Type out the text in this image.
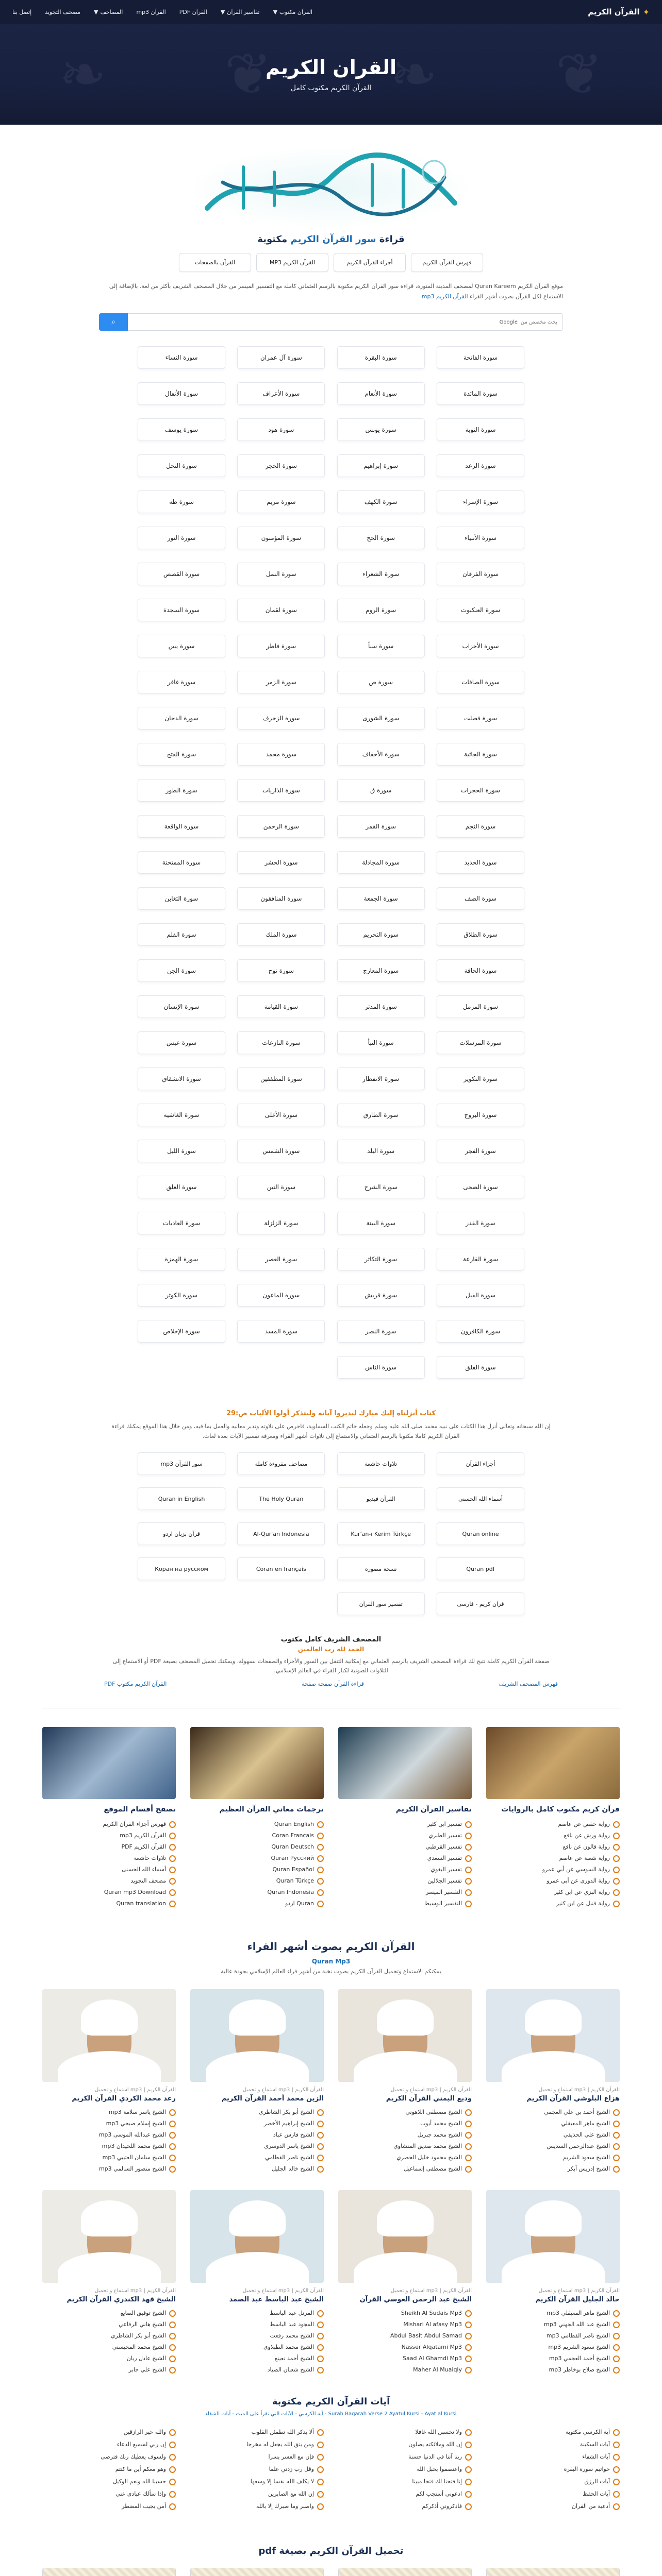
✦
القرآن الكريم
القرآن مكتوب
▼
تفاسير القرآن
▼
القرآن PDF
القرآن mp3
المصاحف
▼
مصحف التجويد
إتصل بنا
❦
❧
❦
❧	القران الكريم

القرآن الكريم مكتوب كامل

قراءة سور القرآن الكريم مكتوبة
فهرس القرآن الكريم
أجزاء القرآن الكريم
القرآن الكريم MP3
القرآن بالصفحات
موقع القرآن الكريم Quran Kareem لمصحف المدينة المنورة، قراءة سور القرآن الكريم مكتوبة بالرسم العثماني كاملة مع التفسير الميسر من خلال المصحف الشريف بأكثر من لغة، بالإضافة إلى الاستماع لكل القرآن بصوت أشهر القراء القرآن الكريم mp3
⌕	Google بحث مخصص من
سورة الفاتحة
سورة البقرة
سورة آل عمران
سورة النساء
سورة المائدة
سورة الأنعام
سورة الأعراف
سورة الأنفال
سورة التوبة
سورة يونس
سورة هود
سورة يوسف
سورة الرعد
سورة إبراهيم
سورة الحجر
سورة النحل
سورة الإسراء
سورة الكهف
سورة مريم
سورة طه
سورة الأنبياء
سورة الحج
سورة المؤمنون
سورة النور
سورة الفرقان
سورة الشعراء
سورة النمل
سورة القصص
سورة العنكبوت
سورة الروم
سورة لقمان
سورة السجدة
سورة الأحزاب
سورة سبأ
سورة فاطر
سورة يس
سورة الصافات
سورة ص
سورة الزمر
سورة غافر
سورة فصلت
سورة الشورى
سورة الزخرف
سورة الدخان
سورة الجاثية
سورة الأحقاف
سورة محمد
سورة الفتح
سورة الحجرات
سورة ق
سورة الذاريات
سورة الطور
سورة النجم
سورة القمر
سورة الرحمن
سورة الواقعة
سورة الحديد
سورة المجادلة
سورة الحشر
سورة الممتحنة
سورة الصف
سورة الجمعة
سورة المنافقون
سورة التغابن
سورة الطلاق
سورة التحريم
سورة الملك
سورة القلم
سورة الحاقة
سورة المعارج
سورة نوح
سورة الجن
سورة المزمل
سورة المدثر
سورة القيامة
سورة الإنسان
سورة المرسلات
سورة النبأ
سورة النازعات
سورة عبس
سورة التكوير
سورة الانفطار
سورة المطففين
سورة الانشقاق
سورة البروج
سورة الطارق
سورة الأعلى
سورة الغاشية
سورة الفجر
سورة البلد
سورة الشمس
سورة الليل
سورة الضحى
سورة الشرح
سورة التين
سورة العلق
سورة القدر
سورة البينة
سورة الزلزلة
سورة العاديات
سورة القارعة
سورة التكاثر
سورة العصر
سورة الهمزة
سورة الفيل
سورة قريش
سورة الماعون
سورة الكوثر
سورة الكافرون
سورة النصر
سورة المسد
سورة الإخلاص
سورة الفلق
سورة الناس
كتاب أنزلناه إليك مبارك ليدبروا آياته وليتذكر أولوا الألباب ص:29

إن الله سبحانه وتعالى أنزل هذا الكتاب على نبيه محمد صلى الله عليه وسلم وجعله خاتم الكتب السماوية، فاحرص على تلاوته وتدبر معانيه والعمل بما فيه، ومن خلال هذا الموقع يمكنك قراءة القرآن الكريم كاملا مكتوبا بالرسم العثماني والاستماع إلى تلاوات أشهر القراء ومعرفة تفسير الآيات بعدة لغات.

أجزاء القرآن
تلاوات خاشعة
مصاحف مقروءة كاملة
سور القرآن mp3
أسماء الله الحسنى
القرآن فيديو
The Holy Quran
Quran in English
Quran online
Kur'an-ı Kerim Türkçe
Al-Qur'an Indonesia
قرآن بزبان اردو
Quran pdf
نسخة مصورة
Coran en français
Коран на русском
قرآن كريم - فارسی
تفسير سور القرآن
المصحف الشريف كامل مكتوب
الحمد لله رب العالمين

صفحة القرآن الكريم كاملة تتيح لك قراءة المصحف الشريف بالرسم العثماني مع إمكانية التنقل بين السور والأجزاء والصفحات بسهولة، ويمكنك تحميل المصحف بصيغة PDF أو الاستماع إلى التلاوات الصوتية لكبار القراء في العالم الإسلامي.

فهرس المصحف الشريف
قراءة القرآن صفحة صفحة
القرآن الكريم مكتوب PDF
قرآن كريم مكتوب كامل بالروايات
رواية حفص عن عاصم
رواية ورش عن نافع
رواية قالون عن نافع
رواية شعبة عن عاصم
رواية السوسي عن أبي عمرو
رواية الدوري عن أبي عمرو
رواية البزي عن ابن كثير
رواية قنبل عن ابن كثير
تفاسير القرآن الكريم
تفسير ابن كثير
تفسير الطبري
تفسير القرطبي
تفسير السعدي
تفسير البغوي
تفسير الجلالين
التفسير الميسر
التفسير الوسيط
ترجمات معاني القرآن العظيم
Quran English
Coran Français
Quran Deutsch
Quran Русский
Quran Español
Quran Türkçe
Quran Indonesia
Quran اردو
تصفح أقسام الموقع
فهرس أجزاء القرآن الكريم
القرآن الكريم mp3
القرآن الكريم PDF
تلاوات خاشعة
أسماء الله الحسنى
مصحف التجويد
Quran mp3 Download
Quran translation
القرآن الكريم بصوت أشهر القراء
Quran Mp3

يمكنكم الاستماع وتحميل القرآن الكريم بصوت نخبة من أشهر قراء العالم الإسلامي بجودة عالية

القرآن الكريم | mp3 استماع و تحميل
هزاع البلوشي القرآن الكريم
الشيخ أحمد بن علي العجمي
الشيخ ماهر المعيقلي
الشيخ علي الحذيفي
الشيخ عبدالرحمن السديس
الشيخ سعود الشريم
الشيخ إدريس أبكر
القرآن الكريم | mp3 استماع و تحميل
وديع اليمني القرآن الكريم
الشيخ مصطفى اللاهوني
الشيخ محمد أيوب
الشيخ محمد جبريل
الشيخ محمد صديق المنشاوي
الشيخ محمود خليل الحصري
الشيخ مصطفى إسماعيل
القرآن الكريم | mp3 استماع و تحميل
الزين محمد أحمد القرآن الكريم
الشيخ أبو بكر الشاطري
الشيخ إبراهيم الأخضر
الشيخ فارس عباد
الشيخ ياسر الدوسري
الشيخ ناصر القطامي
الشيخ خالد الجليل
القرآن الكريم | mp3 استماع و تحميل
رعد محمد الكردي القرآن الكريم
الشيخ ياسر سلامة mp3
الشيخ إسلام صبحي mp3
الشيخ عبدالله الموسى mp3
الشيخ محمد اللحيدان mp3
الشيخ سلمان العتيبي mp3
الشيخ منصور السالمي mp3
القرآن الكريم | mp3 استماع و تحميل
خالد الجليل القرآن الكريم
الشيخ ماهر المعيقلي mp3
الشيخ عبد الله الجهني mp3
الشيخ ناصر القطامي mp3
الشيخ سعود الشريم mp3
الشيخ أحمد العجمي mp3
الشيخ صلاح بوخاطر mp3
القرآن الكريم | mp3 استماع و تحميل
الشيخ عبد الرحمن العوسي القرآن
Sheikh Al Sudais Mp3
Mishari Al afasy Mp3
Abdul Basit Abdul Samad
Nasser Alqatami Mp3
Saad Al Ghamdi Mp3
Maher Al Muaiqly
القرآن الكريم | mp3 استماع و تحميل
الشيخ عبد الباسط عبد الصمد
المرتل عبد الباسط
المجود عبد الباسط
الشيخ محمد رفعت
الشيخ محمد الطبلاوي
الشيخ أحمد نعينع
الشيخ شعبان الصياد
القرآن الكريم | mp3 استماع و تحميل
الشيخ فهد الكندري القرآن الكريم
الشيخ توفيق الصايغ
الشيخ هاني الرفاعي
الشيخ أبو بكر الشاطري
الشيخ محمد المحيسني
الشيخ عادل ريان
الشيخ علي جابر
آيات القرآن الكريم مكتوبة

Surah Baqarah Verse 2 Ayatul Kursi - Ayat al Kursi - آية الكرسي - الآيات التي تقرأ على الميت - آيات الشفاء

آية الكرسي مكتوبة
آيات السكينة
آيات الشفاء
خواتيم سورة البقرة
آيات الرزق
آيات الحفظ
أدعية من القرآن
ولا تحسبن الله غافلا
إن الله وملائكته يصلون
ربنا آتنا في الدنيا حسنة
واعتصموا بحبل الله
إنا فتحنا لك فتحا مبينا
ادعوني أستجب لكم
فاذكروني أذكركم
ألا بذكر الله تطمئن القلوب
ومن يتق الله يجعل له مخرجا
فإن مع العسر يسرا
وقل رب زدني علما
لا يكلف الله نفسا إلا وسعها
إن الله مع الصابرين
واصبر وما صبرك إلا بالله
والله خير الرازقين
إن ربي لسميع الدعاء
ولسوف يعطيك ربك فترضى
وهو معكم أين ما كنتم
حسبنا الله ونعم الوكيل
وإذا سألك عبادي عني
أمن يجيب المضطر
تحميل القرآن الكريم بصيغة pdf
